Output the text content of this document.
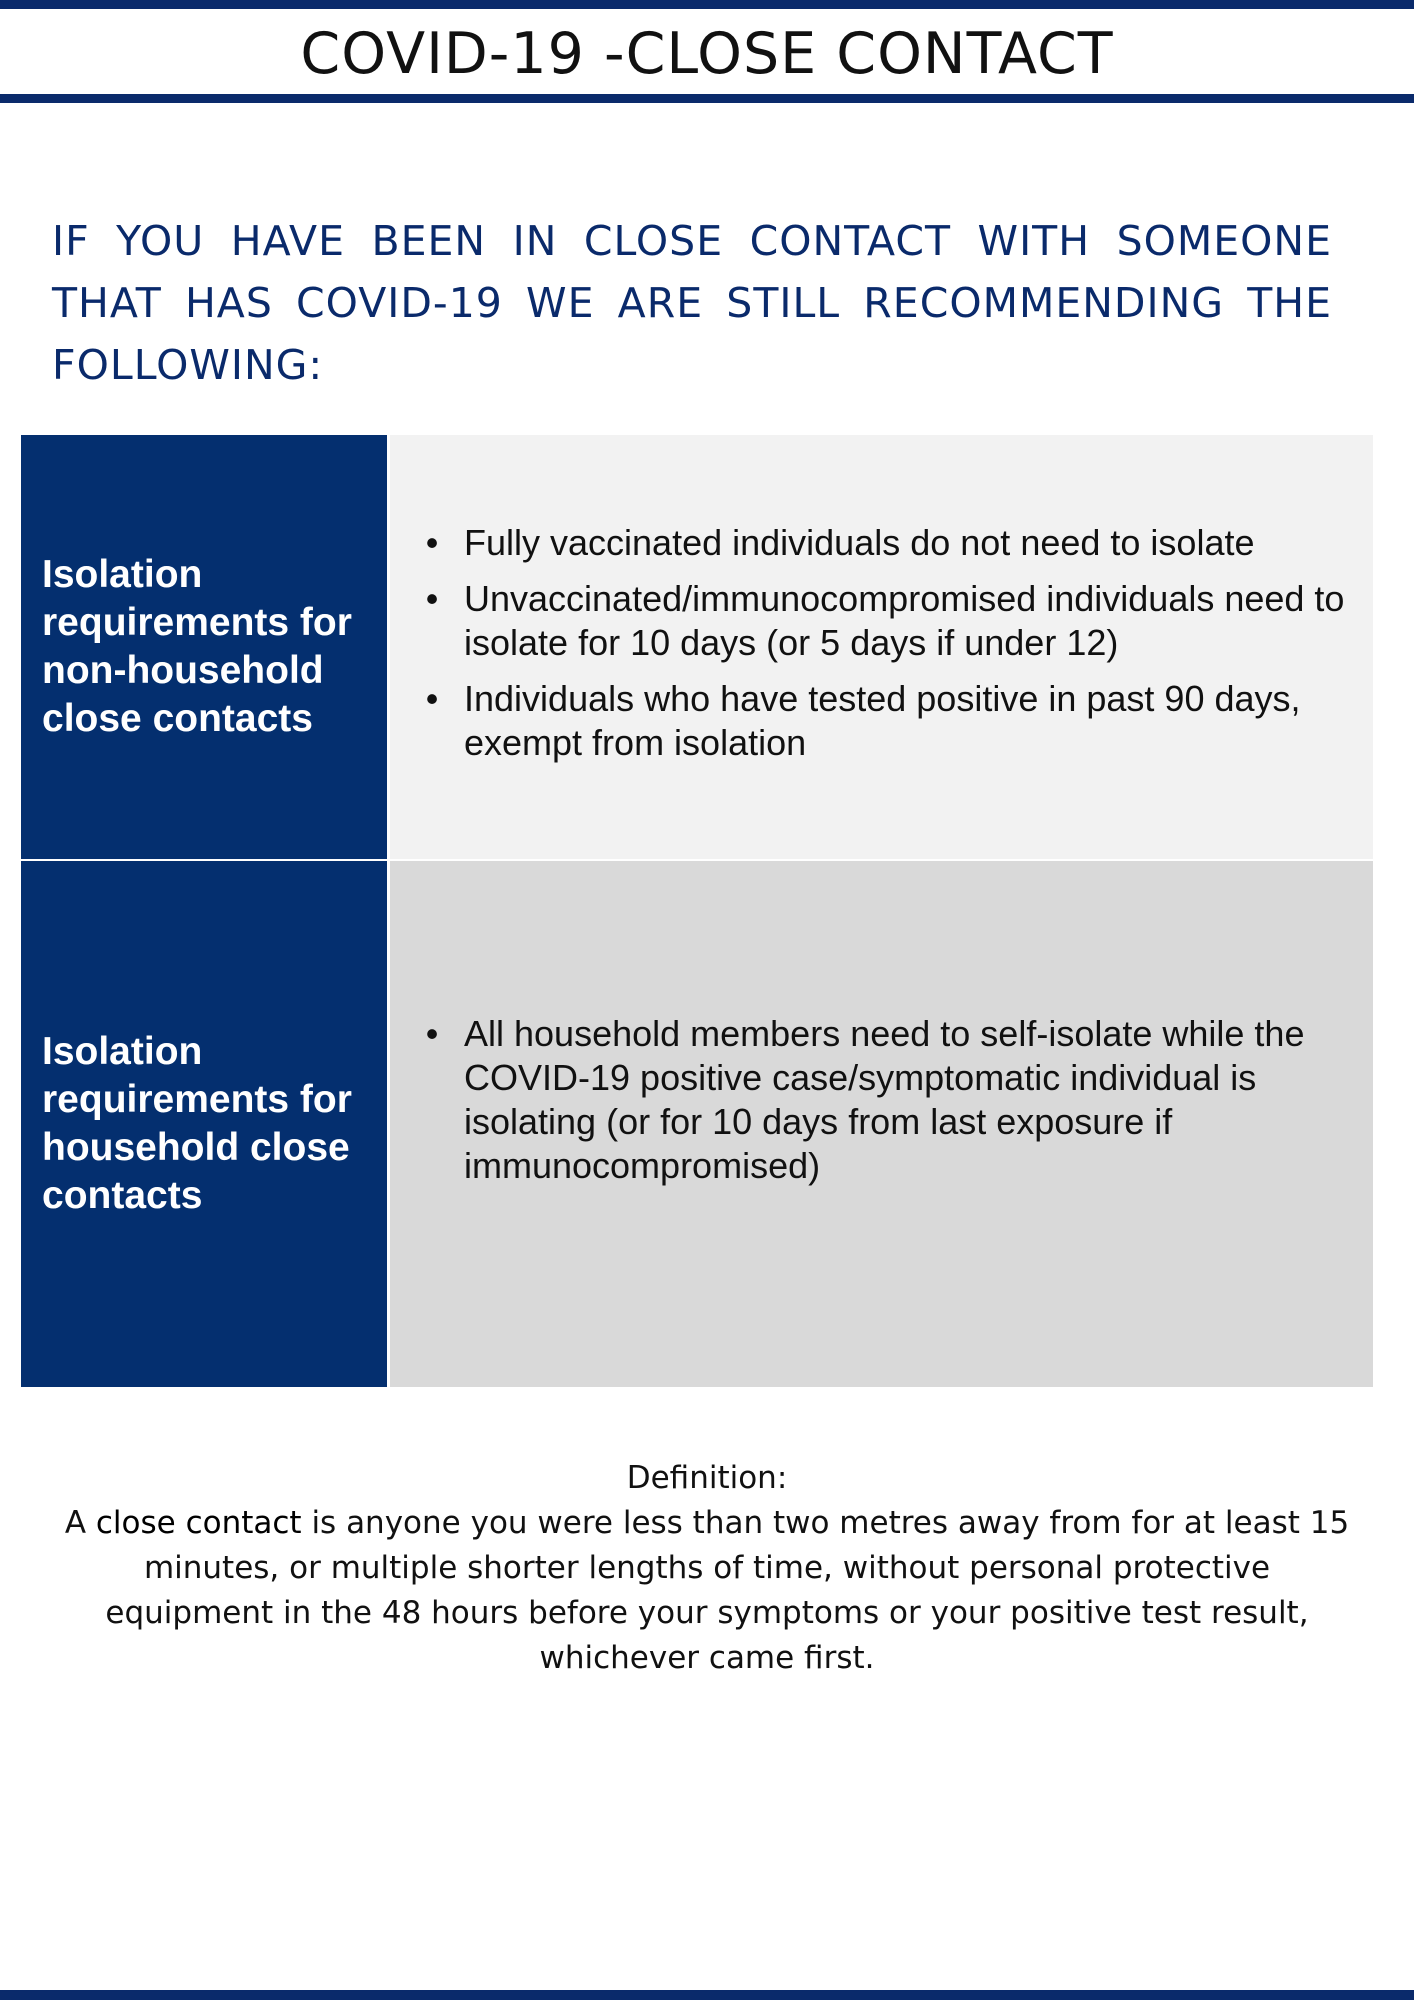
COVID-19 -CLOSE CONTACT

IF YOU HAVE BEEN IN CLOSE CONTACT WITH SOMEONE THAT HAS COVID-19 WE ARE STILL RECOMMENDING THE FOLLOWING:

Isolation requirements for non-household close contacts
• Fully vaccinated individuals do not need to isolate
• Unvaccinated/immunocompromised individuals need to isolate for 10 days (or 5 days if under 12)
• Individuals who have tested positive in past 90 days, exempt from isolation
Isolation requirements for household close contacts
• All household members need to self-isolate while the COVID-19 positive case/symptomatic individual is isolating (or for 10 days from last exposure if immunocompromised)
Definition:
A close contact is anyone you were less than two metres away from for at least 15 minutes, or multiple shorter lengths of time, without personal protective equipment in the 48 hours before your symptoms or your positive test result, whichever came first.
